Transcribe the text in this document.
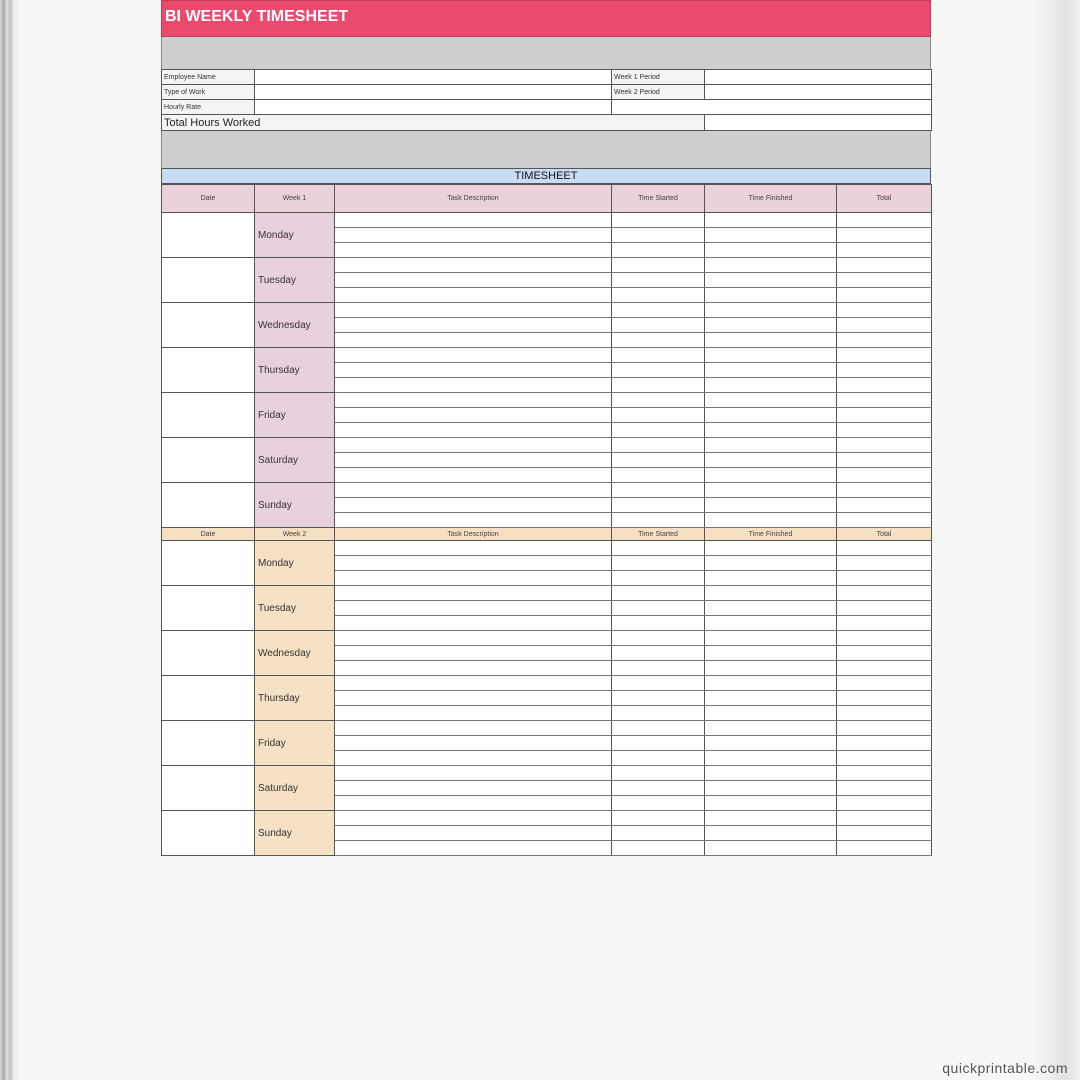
BI WEEKLY TIMESHEET
Employee Name		Week 1 Period	
Type of Work		Week 2 Period	
Hourly Rate			
Total Hours Worked			
TIMESHEET
Date	Week 1	Task Description	Time Started	Time Finished	Total
	Monday				

	Tuesday				

	Wednesday				

	Thursday				

	Friday				

	Saturday				

	Sunday				

Date	Week 2	Task Description	Time Started	Time Finished	Total
	Monday				

	Tuesday				

	Wednesday				

	Thursday				

	Friday				

	Saturday				

	Sunday				

quickprintable.com
